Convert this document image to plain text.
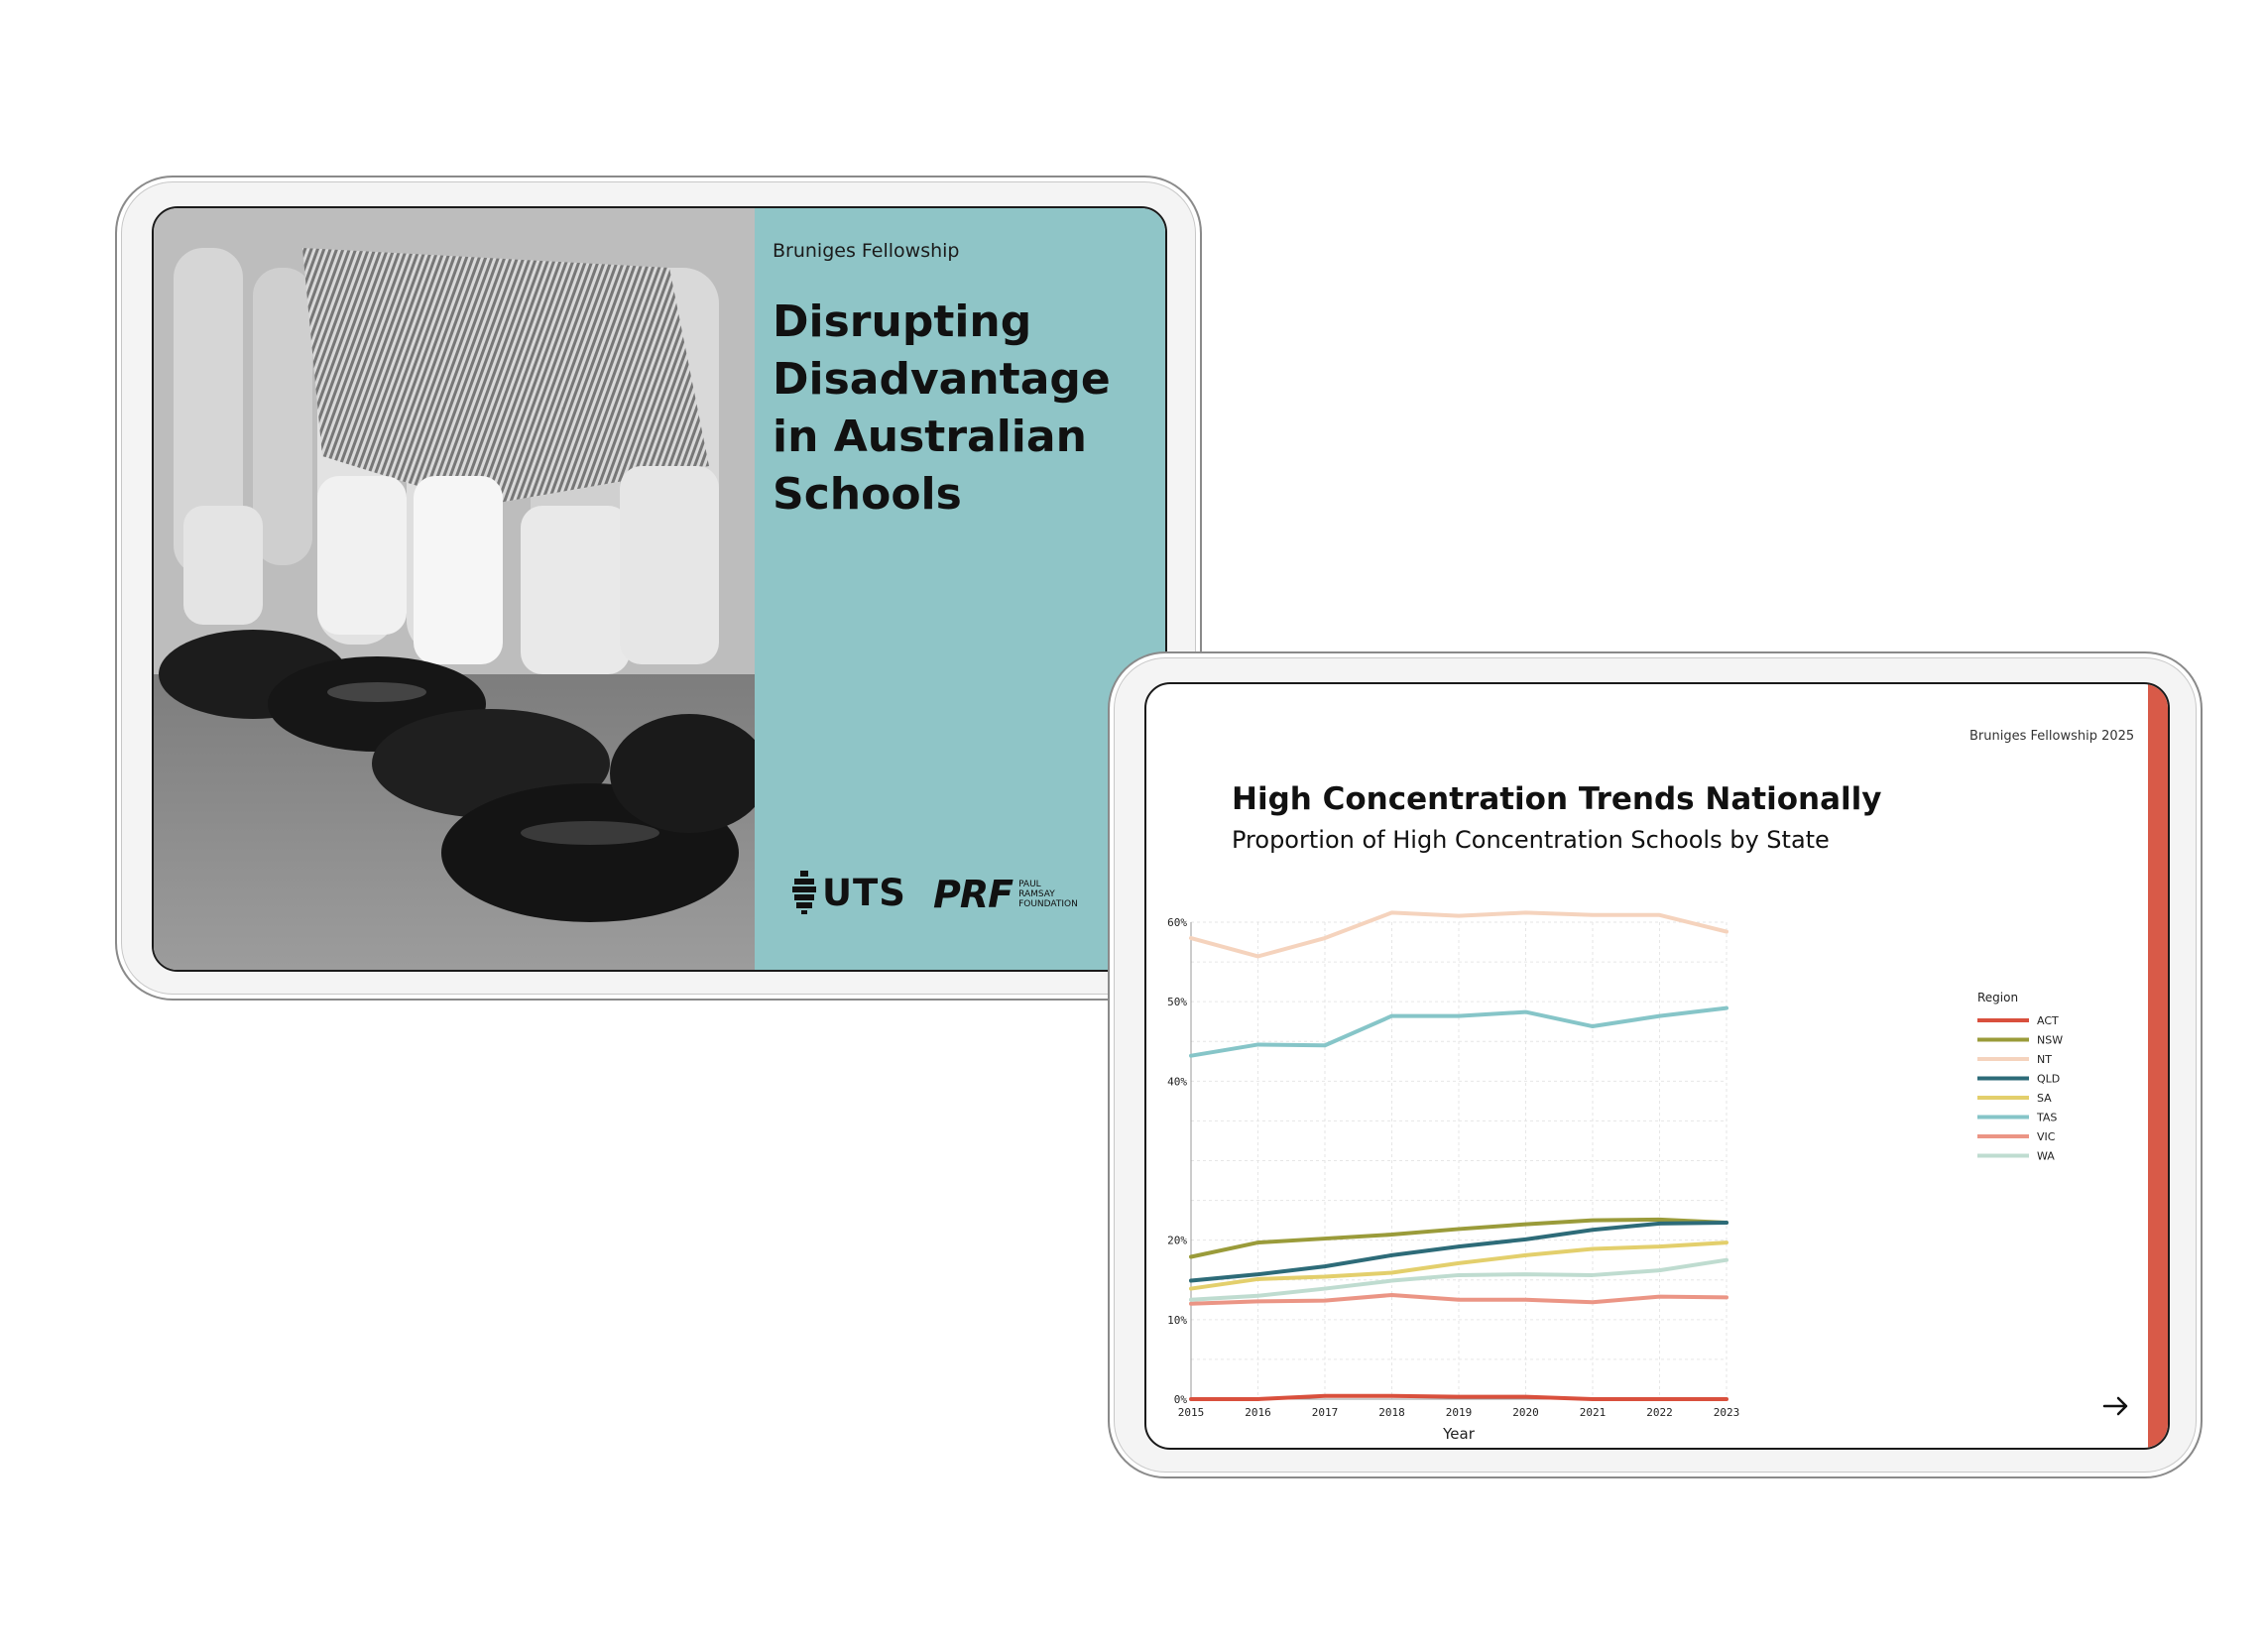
Bruniges Fellowship
Disrupting
Disadvantage
in Australian
Schools
UTS PRF PAUL
RAMSAY
FOUNDATION
Bruniges Fellowship 2025
High Concentration Trends Nationally
Proportion of High Concentration Schools by State
0%
10%
20%
40%
50%
60%
2015	2016	2017	2018	2019	2020	2021	2022	2023
Year
Region
ACT
NSW
NT
QLD
SA
TAS
VIC
WA
